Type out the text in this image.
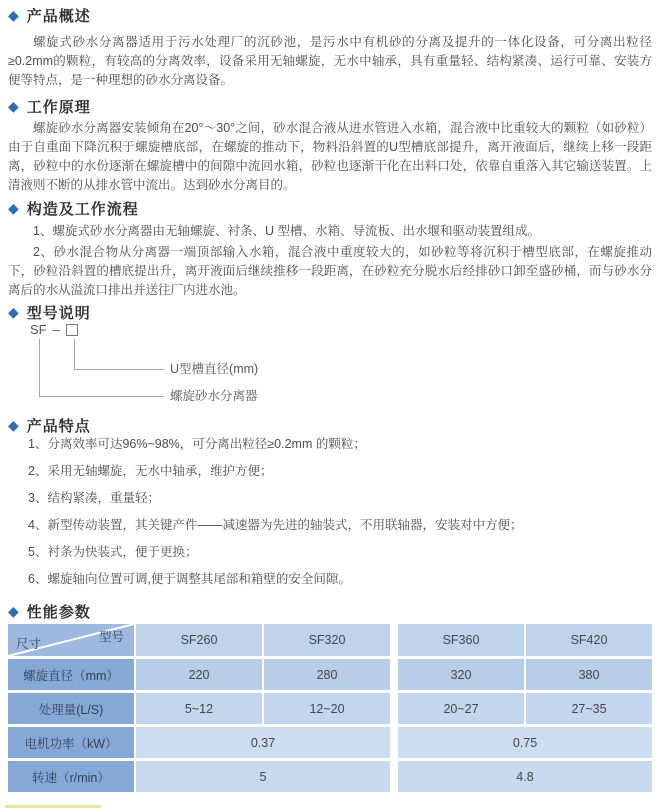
◆ 产品概述

螺旋式砂水分离器适用于污水处理厂的沉砂池，是污水中有机砂的分离及提升的一体化设备，可分离出粒径≥0.2mm的颗粒，有较高的分离效率，设备采用无轴螺旋，无水中轴承，具有重量轻、结构紧凑、运行可靠、安装方便等特点，是一种理想的砂水分离设备。

◆ 工作原理

螺旋砂水分离器安装倾角在20°～30°之间，砂水混合液从进水管进入水箱，混合液中比重较大的颗粒（如砂粒）由于自重面下降沉积于螺旋槽底部，在螺旋的推动下，物料沿斜置的U型槽底部提升，离开液面后，继续上移一段距离，砂粒中的水份逐渐在螺旋槽中的间隙中流回水箱，砂粒也逐渐干化在出料口处，依靠自重落入其它输送装置。上清液则不断的从排水管中流出。达到砂水分离目的。

◆ 构造及工作流程

1、螺旋式砂水分离器由无轴螺旋、衬条、U 型槽、水箱、导流板、出水堰和驱动装置组成。

2、砂水混合物从分离器一端顶部输入水箱，混合液中重度较大的，如砂粒等将沉积于槽型底部，在螺旋推动下，砂粒沿斜置的槽底提出升，离开液面后继续推移一段距离，在砂粒充分脱水后经排砂口卸至盛砂桶，而与砂水分离后的水从溢流口排出并送往厂内进水池。

◆ 型号说明
SF –
U型槽直径(mm)
螺旋砂水分离器
◆ 产品特点

1、分离效率可达96%~98%，可分离出粒径≥0.2mm 的颗粒；

2、采用无轴螺旋，无水中轴承，维护方便；

3、结构紧凑，重量轻；

4、新型传动装置，其关键产件——减速器为先进的轴装式，不用联轴器，安装对中方便；

5、衬条为快装式，便于更换；

6、螺旋轴向位置可调,便于调整其尾部和箱壁的安全间隙。

◆ 性能参数
型号
尺寸	SF260	SF320	SF360	SF420
螺旋直径（mm）	220	280	320	380
处理量(L/S)	5~12	12~20	20~27	27~35
电机功率（kW）	0.37	0.75
转速（r/min）	5	4.8
